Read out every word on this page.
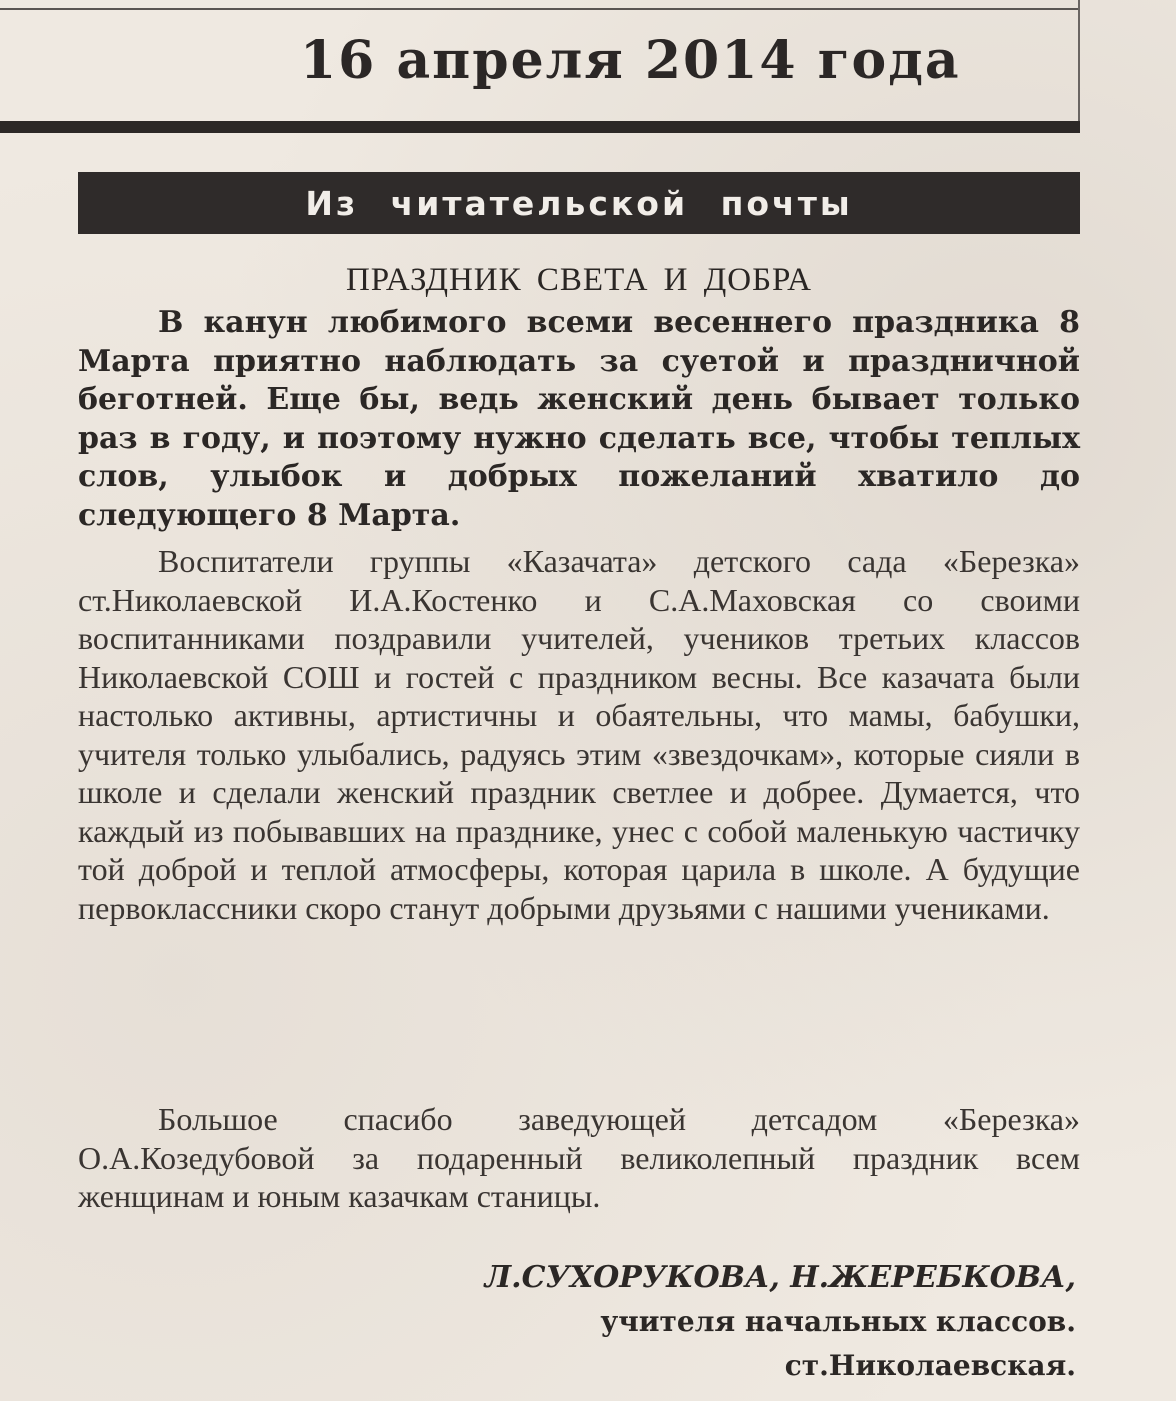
16 апреля 2014 года
Из читательской почты
ПРАЗДНИК СВЕТА И ДОБРА

В канун любимого всеми весеннего праздника 8 Марта приятно наблюдать за суетой и праздничной беготней. Еще бы, ведь женский день бывает только раз в году, и поэтому нужно сделать все, чтобы теплых слов, улыбок и добрых пожеланий хватило до следующего 8 Марта.

Воспитатели группы «Казачата» детского сада «Березка» ст.Николаевской И.А.Костенко и С.А.Маховская со своими воспитанниками поздравили учителей, учеников третьих классов Николаевской СОШ и гостей с праздником весны. Все казачата были настолько активны, артистичны и обаятельны, что мамы, бабушки, учителя только улыбались, радуясь этим «звездочкам», которые сияли в школе и сделали женский праздник светлее и добрее. Думается, что каждый из побывавших на празднике, унес с собой маленькую частичку той доброй и теплой атмосферы, которая царила в школе. А будущие первоклассники скоро станут добрыми друзьями с нашими учениками.

Большое спасибо заведующей детсадом «Березка» О.А.Козедубовой за подаренный великолепный праздник всем женщинам и юным казачкам станицы.

Л.СУХОРУКОВА, Н.ЖЕРЕБКОВА,
учителя начальных классов.
ст.Николаевская.
